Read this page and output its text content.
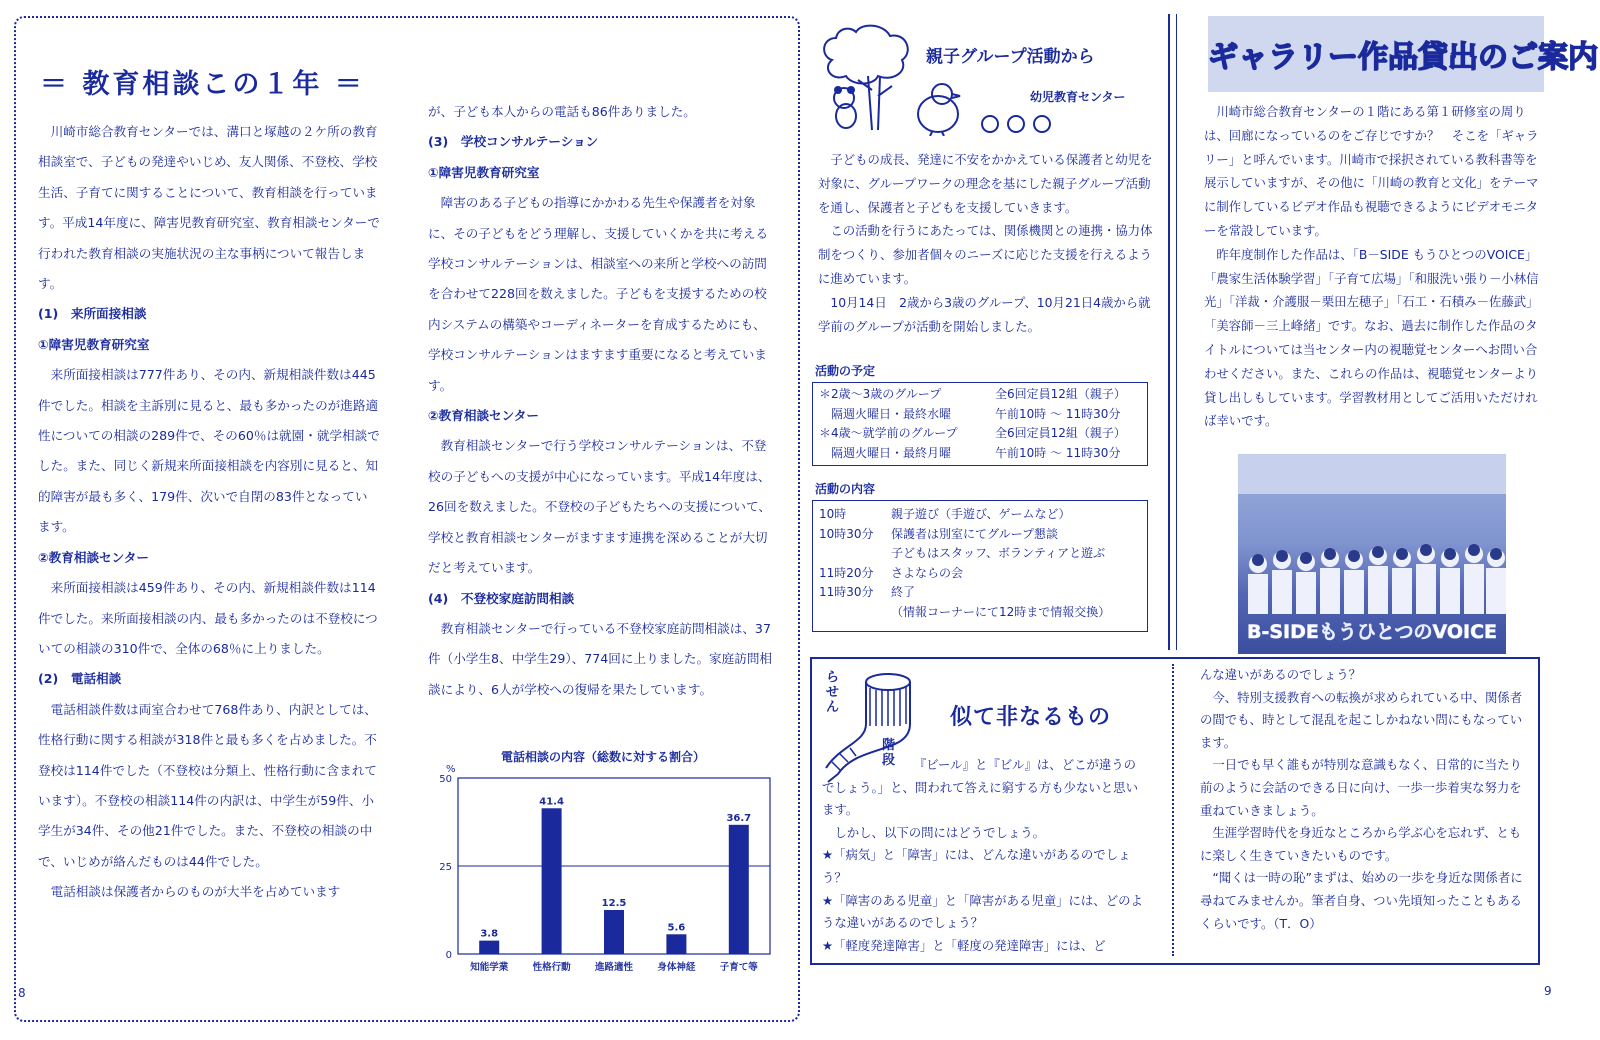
＝ 教育相談この１年 ＝

川崎市総合教育センターでは、溝口と塚越の２ケ所の教育相談室で、子どもの発達やいじめ、友人関係、不登校、学校生活、子育てに関することについて、教育相談を行っています。平成14年度に、障害児教育研究室、教育相談センターで行われた教育相談の実施状況の主な事柄について報告します。

(1)　来所面接相談

①障害児教育研究室

来所面接相談は777件あり、その内、新規相談件数は445件でした。相談を主訴別に見ると、最も多かったのが進路適性についての相談の289件で、その60％は就園・就学相談でした。また、同じく新規来所面接相談を内容別に見ると、知的障害が最も多く、179件、次いで自閉の83件となっています。

②教育相談センター

来所面接相談は459件あり、その内、新規相談件数は114件でした。来所面接相談の内、最も多かったのは不登校についての相談の310件で、全体の68％に上りました。

(2)　電話相談

電話相談件数は両室合わせて768件あり、内訳としては、性格行動に関する相談が318件と最も多くを占めました。不登校は114件でした（不登校は分類上、性格行動に含まれています）。不登校の相談114件の内訳は、中学生が59件、小学生が34件、その他21件でした。また、不登校の相談の中で、いじめが絡んだものは44件でした。

電話相談は保護者からのものが大半を占めています

が、子ども本人からの電話も86件ありました。

(3)　学校コンサルテーション

①障害児教育研究室

障害のある子どもの指導にかかわる先生や保護者を対象に、その子どもをどう理解し、支援していくかを共に考える学校コンサルテーションは、相談室への来所と学校への訪問を合わせて228回を数えました。子どもを支援するための校内システムの構築やコーディネーターを育成するためにも、学校コンサルテーションはますます重要になると考えています。

②教育相談センター

教育相談センターで行う学校コンサルテーションは、不登校の子どもへの支援が中心になっています。平成14年度は、26回を数えました。不登校の子どもたちへの支援について、学校と教育相談センターがますます連携を深めることが大切だと考えています。

(4)　不登校家庭訪問相談

教育相談センターで行っている不登校家庭訪問相談は、37件（小学生8、中学生29）、774回に上りました。家庭訪問相談により、6人が学校への復帰を果たしています。

8
電話相談の内容（総数に対する割合）
0
25
50
%
3.8
知能学業
41.4
性格行動
12.5
進路適性
5.6
身体神経
36.7
子育て等
親子グループ活動から
幼児教育センター

子どもの成長、発達に不安をかかえている保護者と幼児を対象に、グループワークの理念を基にした親子グループ活動を通し、保護者と子どもを支援していきます。

この活動を行うにあたっては、関係機関との連携・協力体制をつくり、参加者個々のニーズに応じた支援を行えるように進めています。

10月14日　2歳から3歳のグループ、10月21日4歳から就学前のグループが活動を開始しました。

活動の予定
＊2歳～3歳のグループ	全6回定員12組（親子）
　隔週火曜日・最終水曜	午前10時 ～ 11時30分
＊4歳～就学前のグループ	全6回定員12組（親子）
　隔週火曜日・最終月曜	午前10時 ～ 11時30分
活動の内容
10時	親子遊び（手遊び、ゲームなど）
10時30分	保護者は別室にてグループ懇談
子どもはスタッフ、ボランティアと遊ぶ
11時20分	さよならの会
11時30分	終了
（情報コーナーにて12時まで情報交換）
ギャラリー作品貸出のご案内

川崎市総合教育センターの１階にある第１研修室の周りは、回廊になっているのをご存じですか？　そこを「ギャラリー」と呼んでいます。川崎市で採択されている教科書等を展示していますが、その他に「川崎の教育と文化」をテーマに制作しているビデオ作品も視聴できるようにビデオモニターを常設しています。

昨年度制作した作品は、「B－SIDE もうひとつのVOICE」「農家生活体験学習」「子育て広場」「和服洗い張り－小林信光」「洋裁・介護服－栗田左穂子」「石工・石積み－佐藤武」「美容師－三上峰緒」です。なお、過去に制作した作品のタイトルについては当センター内の視聴覚センターへお問い合わせください。また、これらの作品は、視聴覚センターより貸し出しもしています。学習教材用としてご活用いただければ幸いです。

B-SIDEもうひとつのVOICE
らせん
階段
似て非なるもの

『ビール』と『ビル』は、どこが違うのでしょう。」と、問われて答えに窮する方も少ないと思います。

しかし、以下の問にはどうでしょう。

★「病気」と「障害」には、どんな違いがあるのでしょう？

★「障害のある児童」と「障害がある児童」には、どのような違いがあるのでしょう？

★「軽度発達障害」と「軽度の発達障害」には、ど

んな違いがあるのでしょう？

今、特別支援教育への転換が求められている中、関係者の間でも、時として混乱を起こしかねない問にもなっています。

一日でも早く誰もが特別な意識もなく、日常的に当たり前のように会話のできる日に向け、一歩一歩着実な努力を重ねていきましょう。

生涯学習時代を身近なところから学ぶ心を忘れず、ともに楽しく生きていきたいものです。

“聞くは一時の恥”まずは、始めの一歩を身近な関係者に尋ねてみませんか。筆者自身、つい先頃知ったこともあるくらいです。（T．O）

9
